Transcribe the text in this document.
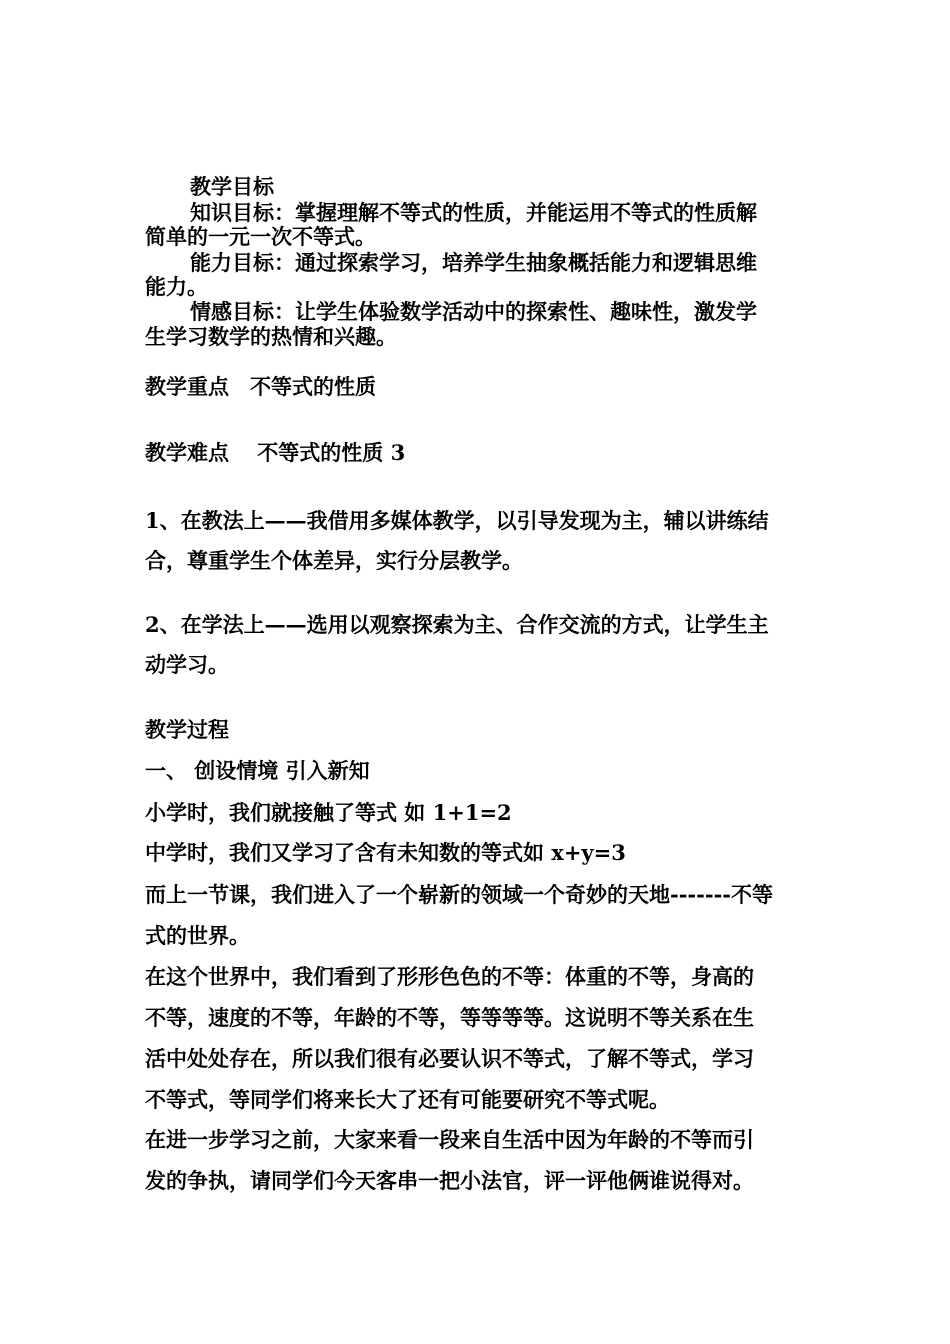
教学目标
知识目标：掌握理解不等式的性质，并能运用不等式的性质解
简单的一元一次不等式。
能力目标：通过探索学习，培养学生抽象概括能力和逻辑思维
能力。
情感目标：让学生体验数学活动中的探索性、趣味性，激发学
生学习数学的热情和兴趣。
教学重点　不等式的性质
教学难点　 不等式的性质 3
1、在教法上——我借用多媒体教学，以引导发现为主，辅以讲练结
合，尊重学生个体差异，实行分层教学。
2、在学法上——选用以观察探索为主、合作交流的方式，让学生主
动学习。
教学过程
一、 创设情境 引入新知
小学时，我们就接触了等式 如 1+1=2
中学时，我们又学习了含有未知数的等式如 x+y=3
而上一节课，我们进入了一个崭新的领域一个奇妙的天地-------不等
式的世界。
在这个世界中，我们看到了形形色色的不等：体重的不等，身高的
不等，速度的不等，年龄的不等，等等等等。这说明不等关系在生
活中处处存在，所以我们很有必要认识不等式，了解不等式，学习
不等式，等同学们将来长大了还有可能要研究不等式呢。
在进一步学习之前，大家来看一段来自生活中因为年龄的不等而引
发的争执，请同学们今天客串一把小法官，评一评他俩谁说得对。
